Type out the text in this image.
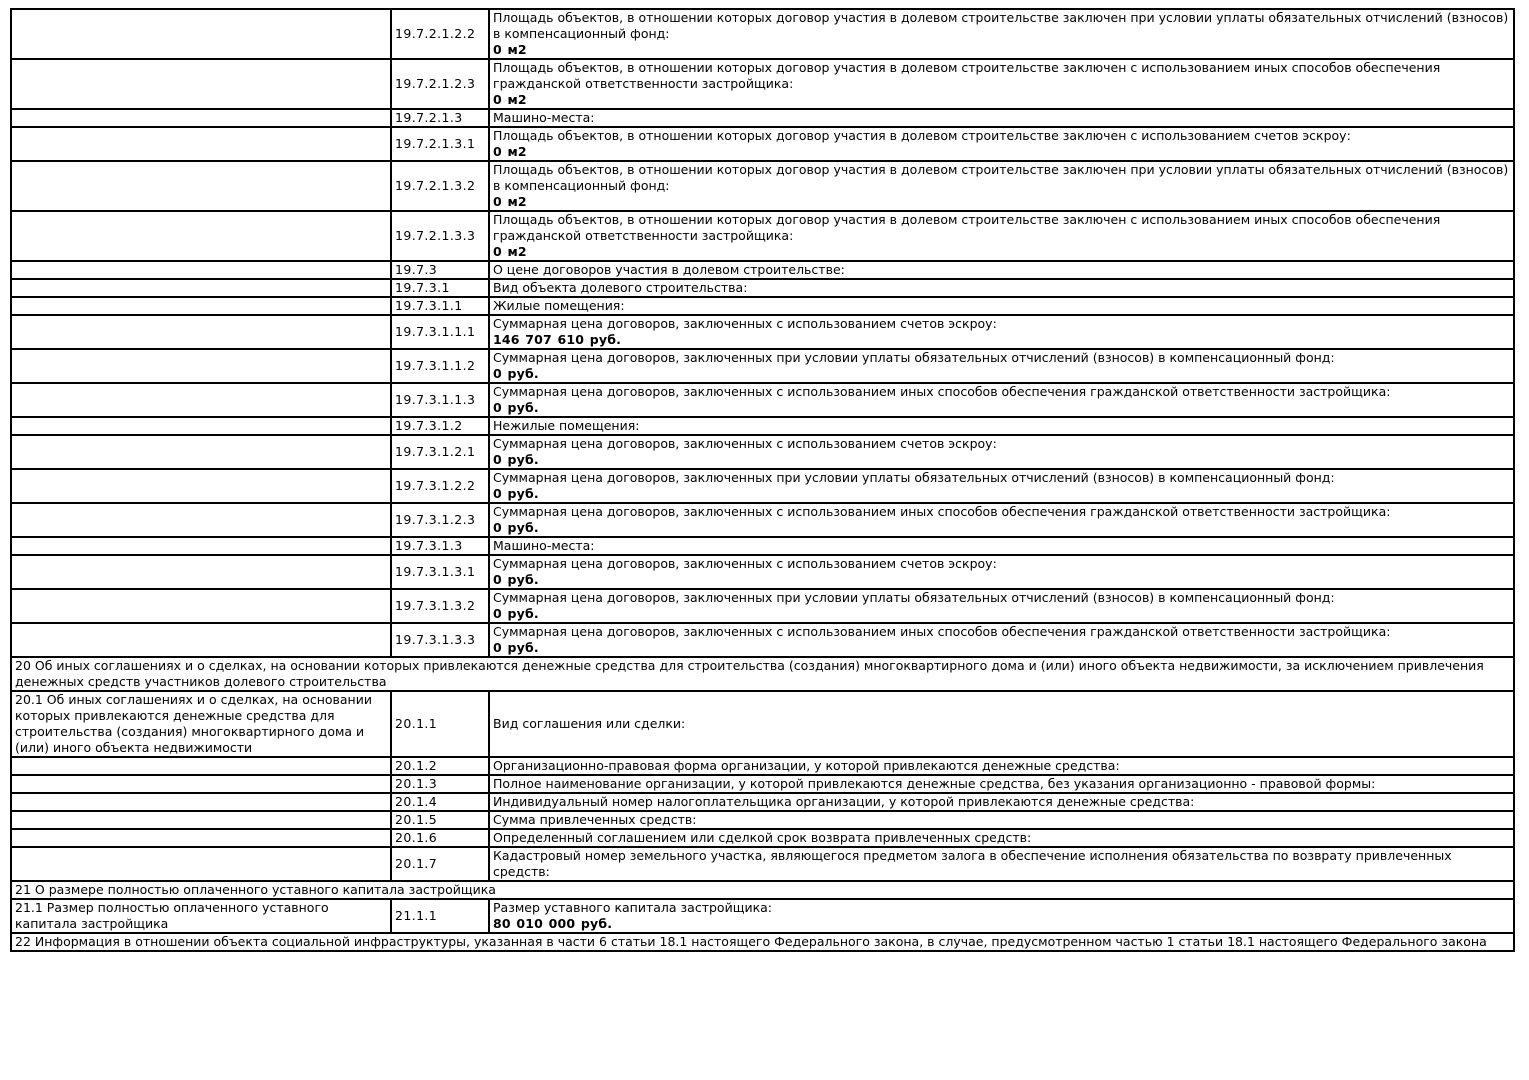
	19.7.2.1.2.2	Площадь объектов, в отношении которых договор участия в долевом строительстве заключен при условии уплаты обязательных отчислений (взносов) в компенсационный фонд:
0 м2

	19.7.2.1.2.3	Площадь объектов, в отношении которых договор участия в долевом строительстве заключен с использованием иных способов обеспечения гражданской ответственности застройщика:
0 м2

	19.7.2.1.3	Машино-места:

	19.7.2.1.3.1	Площадь объектов, в отношении которых договор участия в долевом строительстве заключен с использованием счетов эскроу:
0 м2

	19.7.2.1.3.2	Площадь объектов, в отношении которых договор участия в долевом строительстве заключен при условии уплаты обязательных отчислений (взносов) в компенсационный фонд:
0 м2

	19.7.2.1.3.3	Площадь объектов, в отношении которых договор участия в долевом строительстве заключен с использованием иных способов обеспечения гражданской ответственности застройщика:
0 м2

	19.7.3	О цене договоров участия в долевом строительстве:

	19.7.3.1	Вид объекта долевого строительства:

	19.7.3.1.1	Жилые помещения:

	19.7.3.1.1.1	Суммарная цена договоров, заключенных с использованием счетов эскроу:
146 707 610 руб.

	19.7.3.1.1.2	Суммарная цена договоров, заключенных при условии уплаты обязательных отчислений (взносов) в компенсационный фонд:
0 руб.

	19.7.3.1.1.3	Суммарная цена договоров, заключенных с использованием иных способов обеспечения гражданской ответственности застройщика:
0 руб.

	19.7.3.1.2	Нежилые помещения:

	19.7.3.1.2.1	Суммарная цена договоров, заключенных с использованием счетов эскроу:
0 руб.

	19.7.3.1.2.2	Суммарная цена договоров, заключенных при условии уплаты обязательных отчислений (взносов) в компенсационный фонд:
0 руб.

	19.7.3.1.2.3	Суммарная цена договоров, заключенных с использованием иных способов обеспечения гражданской ответственности застройщика:
0 руб.

	19.7.3.1.3	Машино-места:

	19.7.3.1.3.1	Суммарная цена договоров, заключенных с использованием счетов эскроу:
0 руб.

	19.7.3.1.3.2	Суммарная цена договоров, заключенных при условии уплаты обязательных отчислений (взносов) в компенсационный фонд:
0 руб.

	19.7.3.1.3.3	Суммарная цена договоров, заключенных с использованием иных способов обеспечения гражданской ответственности застройщика:
0 руб.

20 Об иных соглашениях и о сделках, на основании которых привлекаются денежные средства для строительства (создания) многоквартирного дома и (или) иного объекта недвижимости, за исключением привлечения денежных средств участников долевого строительства		
20.1 Об иных соглашениях и о сделках, на основании которых привлекаются денежные средства для строительства (создания) многоквартирного дома и (или) иного объекта недвижимости	20.1.1	Вид соглашения или сделки:

	20.1.2	Организационно-правовая форма организации, у которой привлекаются денежные средства:

	20.1.3	Полное наименование организации, у которой привлекаются денежные средства, без указания организационно - правовой формы:

	20.1.4	Индивидуальный номер налогоплательщика организации, у которой привлекаются денежные средства:

	20.1.5	Сумма привлеченных средств:

	20.1.6	Определенный соглашением или сделкой срок возврата привлеченных средств:

	20.1.7	Кадастровый номер земельного участка, являющегося предметом залога в обеспечение исполнения обязательства по возврату привлеченных средств:

21 О размере полностью оплаченного уставного капитала застройщика		
21.1 Размер полностью оплаченного уставного капитала застройщика	21.1.1	Размер уставного капитала застройщика:
80 010 000 руб.

22 Информация в отношении объекта социальной инфраструктуры, указанная в части 6 статьи 18.1 настоящего Федерального закона, в случае, предусмотренном частью 1 статьи 18.1 настоящего Федерального закона		
